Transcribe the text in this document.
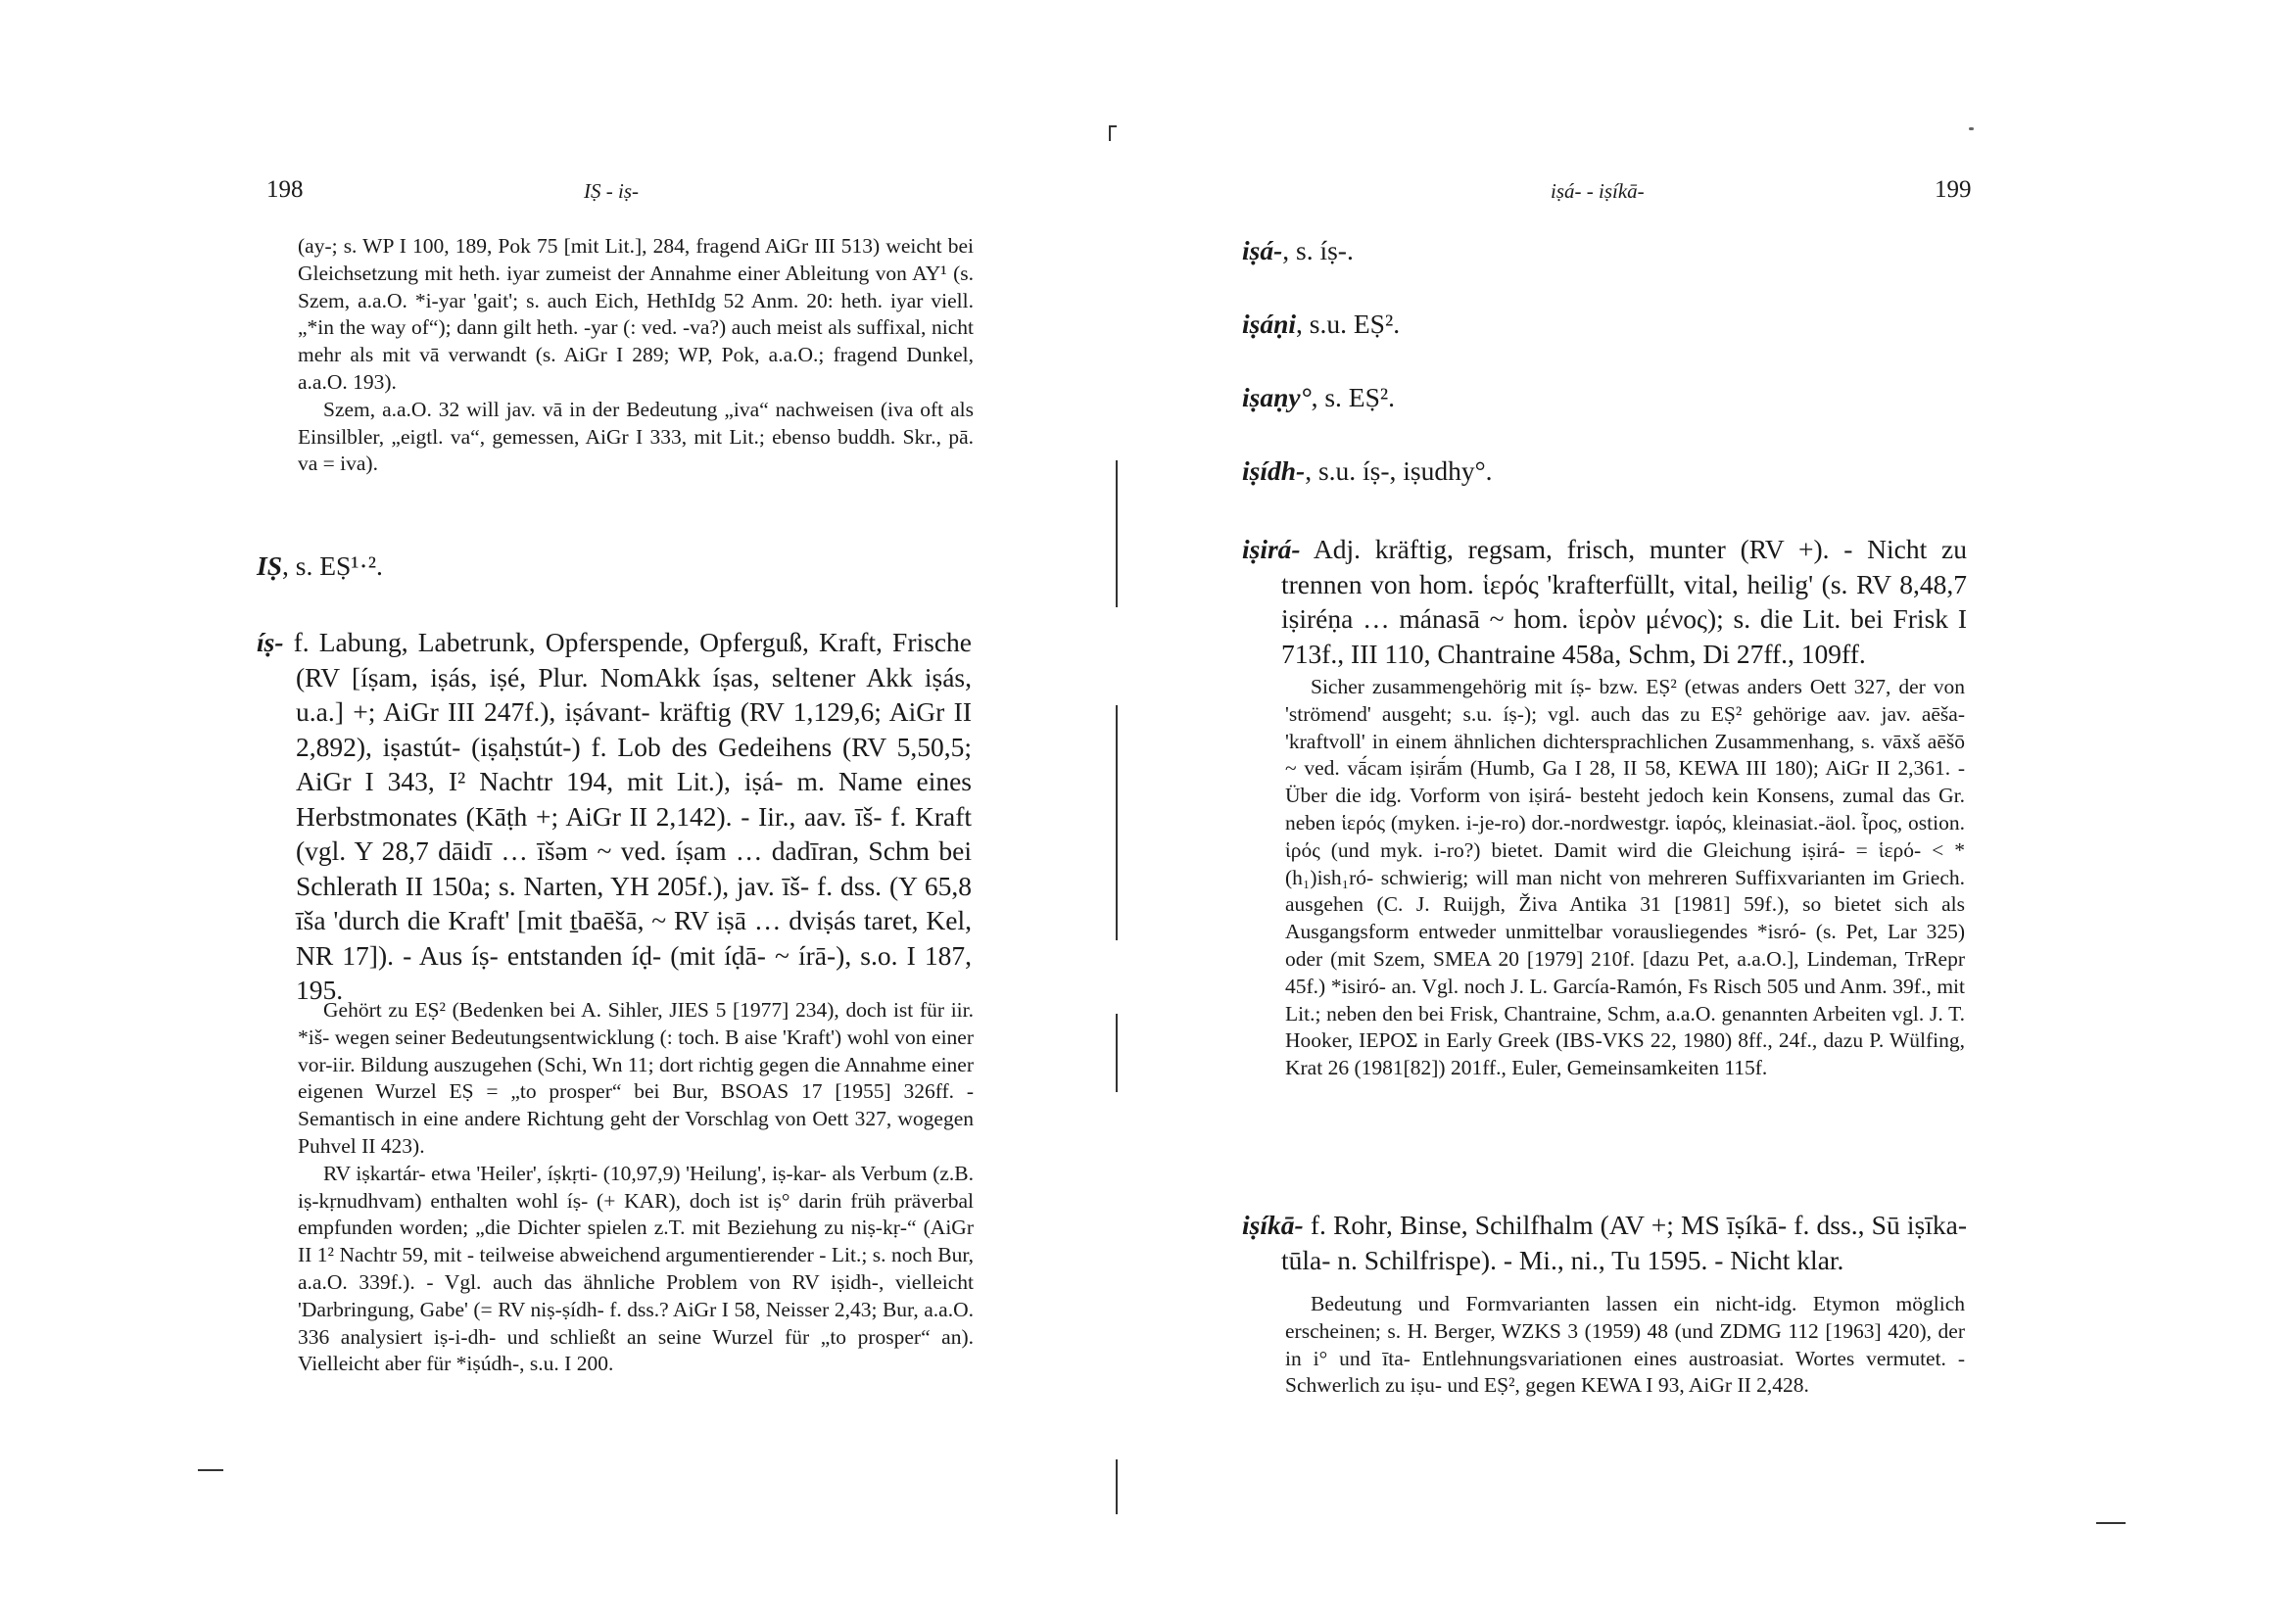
198	IṢ - iṣ-

(ay-; s. WP I 100, 189, Pok 75 [mit Lit.], 284, fragend AiGr III 513) weicht bei Gleichsetzung mit heth. iyar zumeist der Annahme einer Ableitung von AY¹ (s. Szem, a.a.O. *i-yar 'gait'; s. auch Eich, HethIdg 52 Anm. 20: heth. iyar viell. „*in the way of“); dann gilt heth. -yar (: ved. -va?) auch meist als suffixal, nicht mehr als mit vā verwandt (s. AiGr I 289; WP, Pok, a.a.O.; fragend Dunkel, a.a.O. 193).

Szem, a.a.O. 32 will jav. vā in der Bedeutung „iva“ nachweisen (iva oft als Einsilbler, „eigtl. va“, gemessen, AiGr I 333, mit Lit.; ebenso buddh. Skr., pā. va = iva).

IṢ, s. EṢ¹·².

íṣ- f. Labung, Labetrunk, Opferspende, Opferguß, Kraft, Frische (RV [íṣam, iṣás, iṣé, Plur. NomAkk íṣas, seltener Akk iṣás, u.a.] +; AiGr III 247f.), iṣávant- kräftig (RV 1,129,6; AiGr II 2,892), iṣastút- (iṣaḥstút-) f. Lob des Gedeihens (RV 5,50,5; AiGr I 343, I² Nachtr 194, mit Lit.), iṣá- m. Name eines Herbstmonates (Kāṭh +; AiGr II 2,142). - Iir., aav. īš- f. Kraft (vgl. Y 28,7 dāidī … īšəm ~ ved. íṣam … dadīran, Schm bei Schlerath II 150a; s. Narten, YH 205f.), jav. īš- f. dss. (Y 65,8 īša 'durch die Kraft' [mit ṯbaēšā, ~ RV iṣā … dviṣás taret, Kel, NR 17]). - Aus íṣ- entstanden íḍ- (mit íḍā- ~ írā-), s.o. I 187, 195.

Gehört zu EṢ² (Bedenken bei A. Sihler, JIES 5 [1977] 234), doch ist für iir. *iš- wegen seiner Bedeutungsentwicklung (: toch. B aise 'Kraft') wohl von einer vor-iir. Bildung auszugehen (Schi, Wn 11; dort richtig gegen die Annahme einer eigenen Wurzel EṢ = „to prosper“ bei Bur, BSOAS 17 [1955] 326ff. - Semantisch in eine andere Richtung geht der Vorschlag von Oett 327, wogegen Puhvel II 423).

RV iṣkartár- etwa 'Heiler', íṣkṛti- (10,97,9) 'Heilung', iṣ-kar- als Verbum (z.B. iṣ-kṛnudhvam) enthalten wohl íṣ- (+ KAR), doch ist iṣ° darin früh präverbal empfunden worden; „die Dichter spielen z.T. mit Beziehung zu niṣ-kṛ-“ (AiGr II 1² Nachtr 59, mit - teilweise abweichend argumentierender - Lit.; s. noch Bur, a.a.O. 339f.). - Vgl. auch das ähnliche Problem von RV iṣidh-, vielleicht 'Darbringung, Gabe' (= RV niṣ-ṣídh- f. dss.? AiGr I 58, Neisser 2,43; Bur, a.a.O. 336 analysiert iṣ-i-dh- und schließt an seine Wurzel für „to prosper“ an). Vielleicht aber für *iṣúdh-, s.u. I 200.

199
iṣá- - iṣíkā-

iṣá-, s. íṣ-.

iṣáṇi, s.u. EṢ².

iṣaṇy°, s. EṢ².

iṣídh-, s.u. íṣ-, iṣudhy°.

iṣirá- Adj. kräftig, regsam, frisch, munter (RV +). - Nicht zu trennen von hom. ἱερός 'krafterfüllt, vital, heilig' (s. RV 8,48,7 iṣiréṇa … mánasā ~ hom. ἱερὸν μένος); s. die Lit. bei Frisk I 713f., III 110, Chantraine 458a, Schm, Di 27ff., 109ff.

Sicher zusammengehörig mit íṣ- bzw. EṢ² (etwas anders Oett 327, der von 'strömend' ausgeht; s.u. íṣ-); vgl. auch das zu EṢ² gehörige aav. jav. aēša- 'kraftvoll' in einem ähnlichen dichtersprachlichen Zusammenhang, s. vāxš aēšō ~ ved. vā́cam iṣirā́m (Humb, Ga I 28, II 58, KEWA III 180); AiGr II 2,361. - Über die idg. Vorform von iṣirá- besteht jedoch kein Konsens, zumal das Gr. neben ἱερός (myken. i-je-ro) dor.-nordwestgr. ἱαρός, kleinasiat.-äol. ἶρος, ostion. ἱρός (und myk. i-ro?) bietet. Damit wird die Gleichung iṣirá- = ἱερό- < *(h₁)ish₁ró- schwierig; will man nicht von mehreren Suffixvarianten im Griech. ausgehen (C. J. Ruijgh, Živa Antika 31 [1981] 59f.), so bietet sich als Ausgangsform entweder unmittelbar vorausliegendes *isró- (s. Pet, Lar 325) oder (mit Szem, SMEA 20 [1979] 210f. [dazu Pet, a.a.O.], Lindeman, TrRepr 45f.) *isiró- an. Vgl. noch J. L. García-Ramón, Fs Risch 505 und Anm. 39f., mit Lit.; neben den bei Frisk, Chantraine, Schm, a.a.O. genannten Arbeiten vgl. J. T. Hooker, ΙΕΡΟΣ in Early Greek (IBS-VKS 22, 1980) 8ff., 24f., dazu P. Wülfing, Krat 26 (1981[82]) 201ff., Euler, Gemeinsamkeiten 115f.

iṣíkā- f. Rohr, Binse, Schilfhalm (AV +; MS īṣíkā- f. dss., Sū iṣīka-tūla- n. Schilfrispe). - Mi., ni., Tu 1595. - Nicht klar.

Bedeutung und Formvarianten lassen ein nicht-idg. Etymon möglich erscheinen; s. H. Berger, WZKS 3 (1959) 48 (und ZDMG 112 [1963] 420), der in i° und īta- Entlehnungsvariationen eines austroasiat. Wortes vermutet. - Schwerlich zu iṣu- und EṢ², gegen KEWA I 93, AiGr II 2,428.
